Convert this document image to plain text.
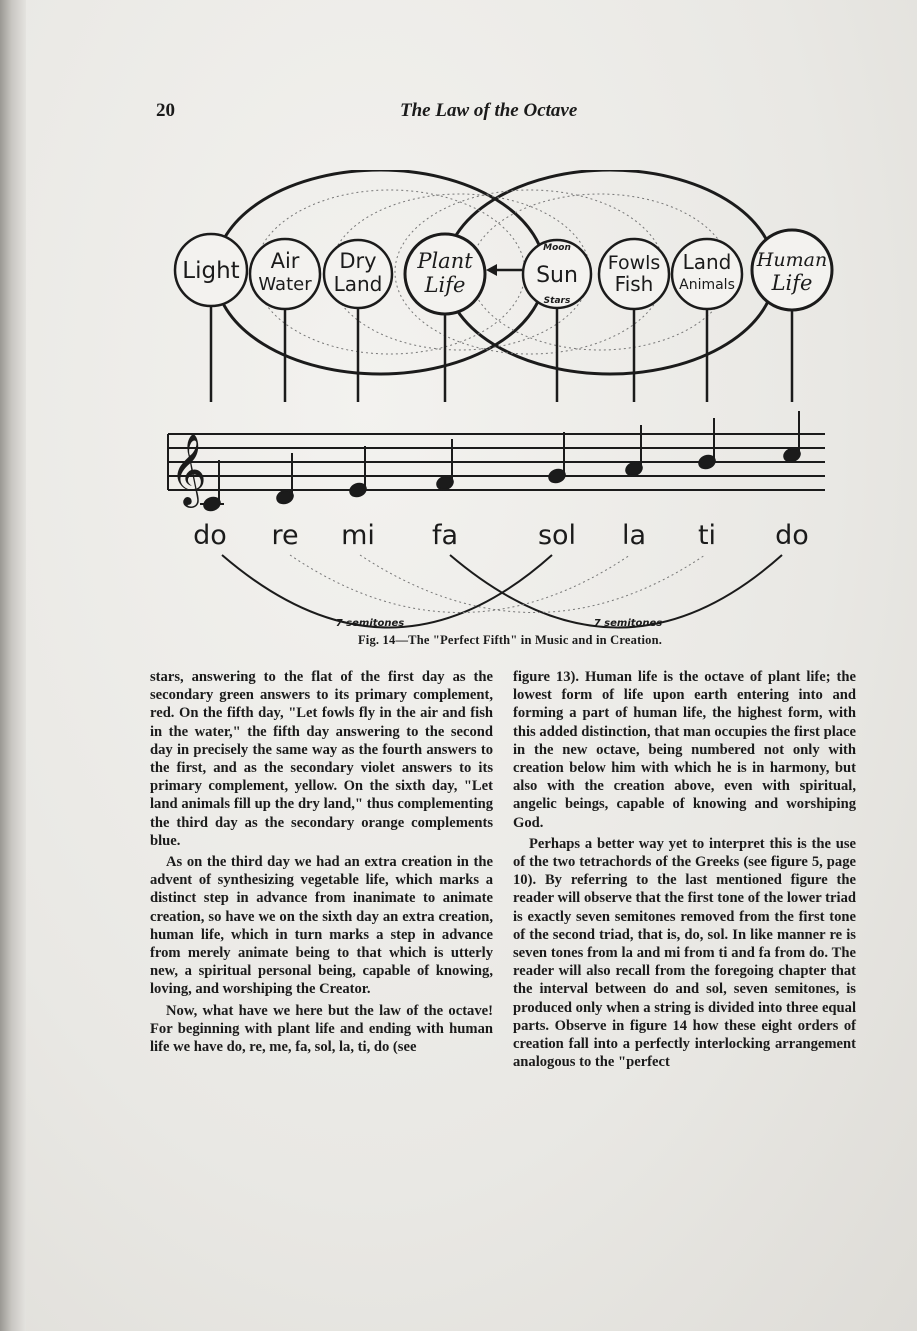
20	The Law of the Octave
Light Air
Water
Dry
Land
Plant
Life
Moon
Sun
Stars
Fowls
Fish
Land
Animals
Human
Life
𝄞
do re mi fa	sol la ti do
7 semitones	7 semitones
Fig. 14—The "Perfect Fifth" in Music and in Creation.

stars, answering to the flat of the first day as the secondary green answers to its primary complement, red. On the fifth day, "Let fowls fly in the air and fish in the water," the fifth day answering to the second day in precisely the same way as the fourth answers to the first, and as the secondary violet answers to its primary complement, yellow. On the sixth day, "Let land animals fill up the dry land," thus complementing the third day as the secondary orange complements blue.

As on the third day we had an extra creation in the advent of synthesizing vegetable life, which marks a distinct step in advance from inanimate to animate creation, so have we on the sixth day an extra creation, human life, which in turn marks a step in advance from merely animate being to that which is utterly new, a spiritual personal being, capable of knowing, loving, and worshiping the Creator.

Now, what have we here but the law of the octave! For beginning with plant life and ending with human life we have do, re, me, fa, sol, la, ti, do (see

figure 13). Human life is the octave of plant life; the lowest form of life upon earth entering into and forming a part of human life, the highest form, with this added distinction, that man occupies the first place in the new octave, being numbered not only with creation below him with which he is in harmony, but also with the creation above, even with spiritual, angelic beings, capable of knowing and worshiping God.

Perhaps a better way yet to interpret this is the use of the two tetrachords of the Greeks (see figure 5, page 10). By referring to the last mentioned figure the reader will observe that the first tone of the lower triad is exactly seven semitones removed from the first tone of the second triad, that is, do, sol. In like manner re is seven tones from la and mi from ti and fa from do. The reader will also recall from the foregoing chapter that the interval between do and sol, seven semitones, is produced only when a string is divided into three equal parts. Observe in figure 14 how these eight orders of creation fall into a perfectly interlocking arrangement analogous to the "perfect
